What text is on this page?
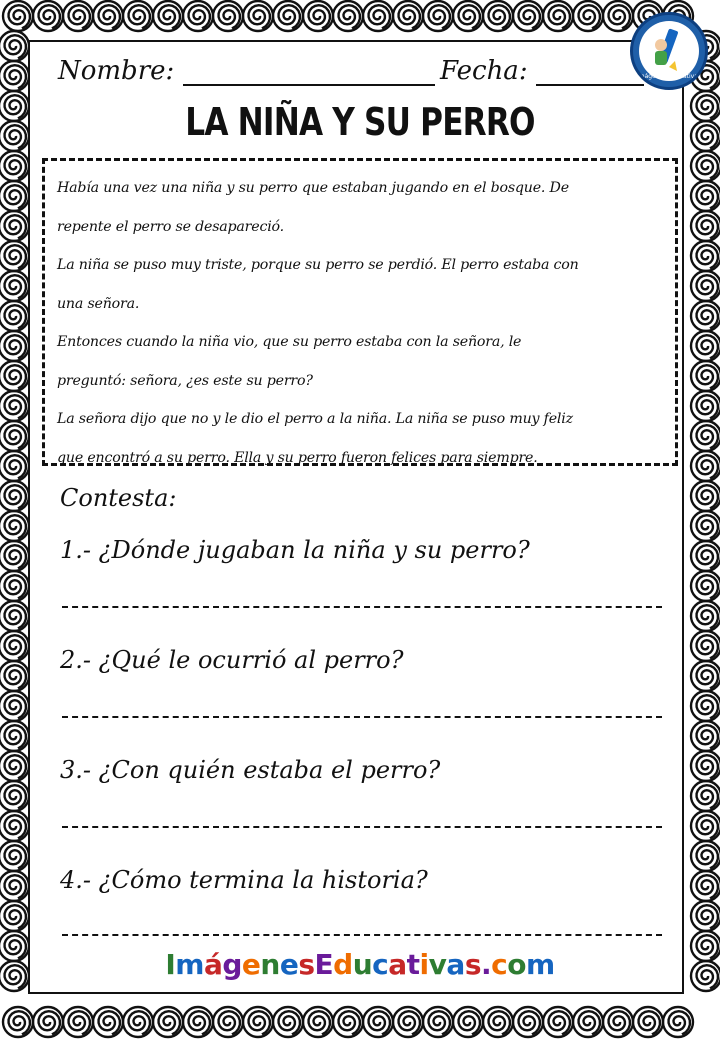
Imágenes Educativas
Nombre:	Fecha:
LA NIÑA Y SU PERRO

Había una vez una niña y su perro que estaban jugando en el bosque. De

repente el perro se desapareció.

La niña se puso muy triste, porque su perro se perdió. El perro estaba con

una señora.

Entonces cuando la niña vio, que su perro estaba con la señora, le

preguntó: señora, ¿es este su perro?

La señora dijo que no y le dio el perro a la niña. La niña se puso muy feliz

que encontró a su perro. Ella y su perro fueron felices para siempre.

Contesta:
1.- ¿Dónde jugaban la niña y su perro?
2.- ¿Qué le ocurrió al perro?
3.- ¿Con quién estaba el perro?
4.- ¿Cómo termina la historia?
ImágenesEducativas.com
